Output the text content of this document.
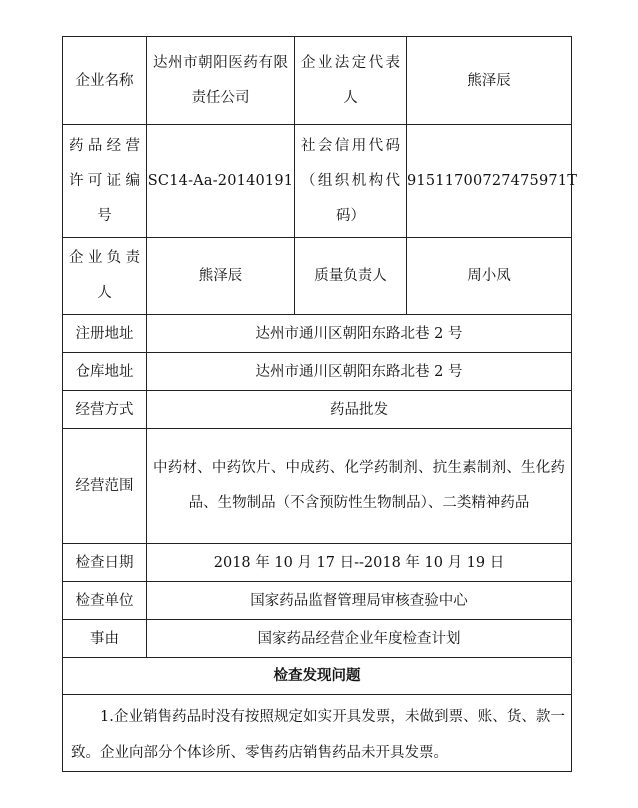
企业名称	达州市朝阳医药有限责任公司	企业法定代表人	熊泽辰
药品经营许可证编号	SC14-Aa-20140191	社会信用代码（组织机构代码）	91511700727475971T
企业负责人	熊泽辰	质量负责人	周小凤
注册地址	达州市通川区朝阳东路北巷 2 号		
仓库地址	达州市通川区朝阳东路北巷 2 号		
经营方式	药品批发		
经营范围	中药材、中药饮片、中成药、化学药制剂、抗生素制剂、生化药品、生物制品（不含预防性生物制品）、二类精神药品		
检查日期	2018 年 10 月 17 日--2018 年 10 月 19 日		
检查单位	国家药品监督管理局审核查验中心		
事由	国家药品经营企业年度检查计划		
检查发现问题			
1.企业销售药品时没有按照规定如实开具发票，未做到票、账、货、款一致。企业向部分个体诊所、零售药店销售药品未开具发票。			
